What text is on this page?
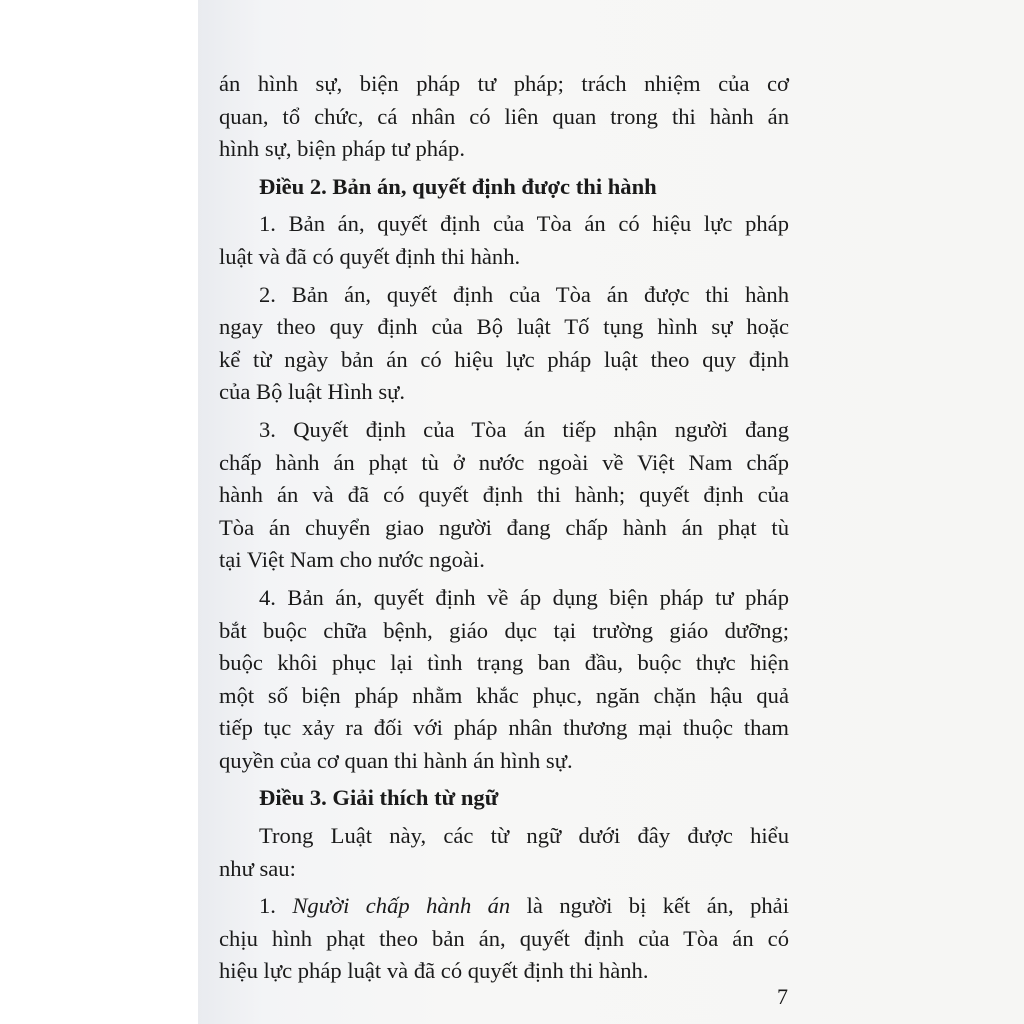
án hình sự, biện pháp tư pháp; trách nhiệm của cơ
quan, tổ chức, cá nhân có liên quan trong thi hành án
hình sự, biện pháp tư pháp.
Điều 2. Bản án, quyết định được thi hành
1. Bản án, quyết định của Tòa án có hiệu lực pháp
luật và đã có quyết định thi hành.
2. Bản án, quyết định của Tòa án được thi hành
ngay theo quy định của Bộ luật Tố tụng hình sự hoặc
kể từ ngày bản án có hiệu lực pháp luật theo quy định
của Bộ luật Hình sự.
3. Quyết định của Tòa án tiếp nhận người đang
chấp hành án phạt tù ở nước ngoài về Việt Nam chấp
hành án và đã có quyết định thi hành; quyết định của
Tòa án chuyển giao người đang chấp hành án phạt tù
tại Việt Nam cho nước ngoài.
4. Bản án, quyết định về áp dụng biện pháp tư pháp
bắt buộc chữa bệnh, giáo dục tại trường giáo dưỡng;
buộc khôi phục lại tình trạng ban đầu, buộc thực hiện
một số biện pháp nhằm khắc phục, ngăn chặn hậu quả
tiếp tục xảy ra đối với pháp nhân thương mại thuộc tham
quyền của cơ quan thi hành án hình sự.
Điều 3. Giải thích từ ngữ
Trong Luật này, các từ ngữ dưới đây được hiểu
như sau:
1. Người chấp hành án là người bị kết án, phải
chịu hình phạt theo bản án, quyết định của Tòa án có
hiệu lực pháp luật và đã có quyết định thi hành.
7
